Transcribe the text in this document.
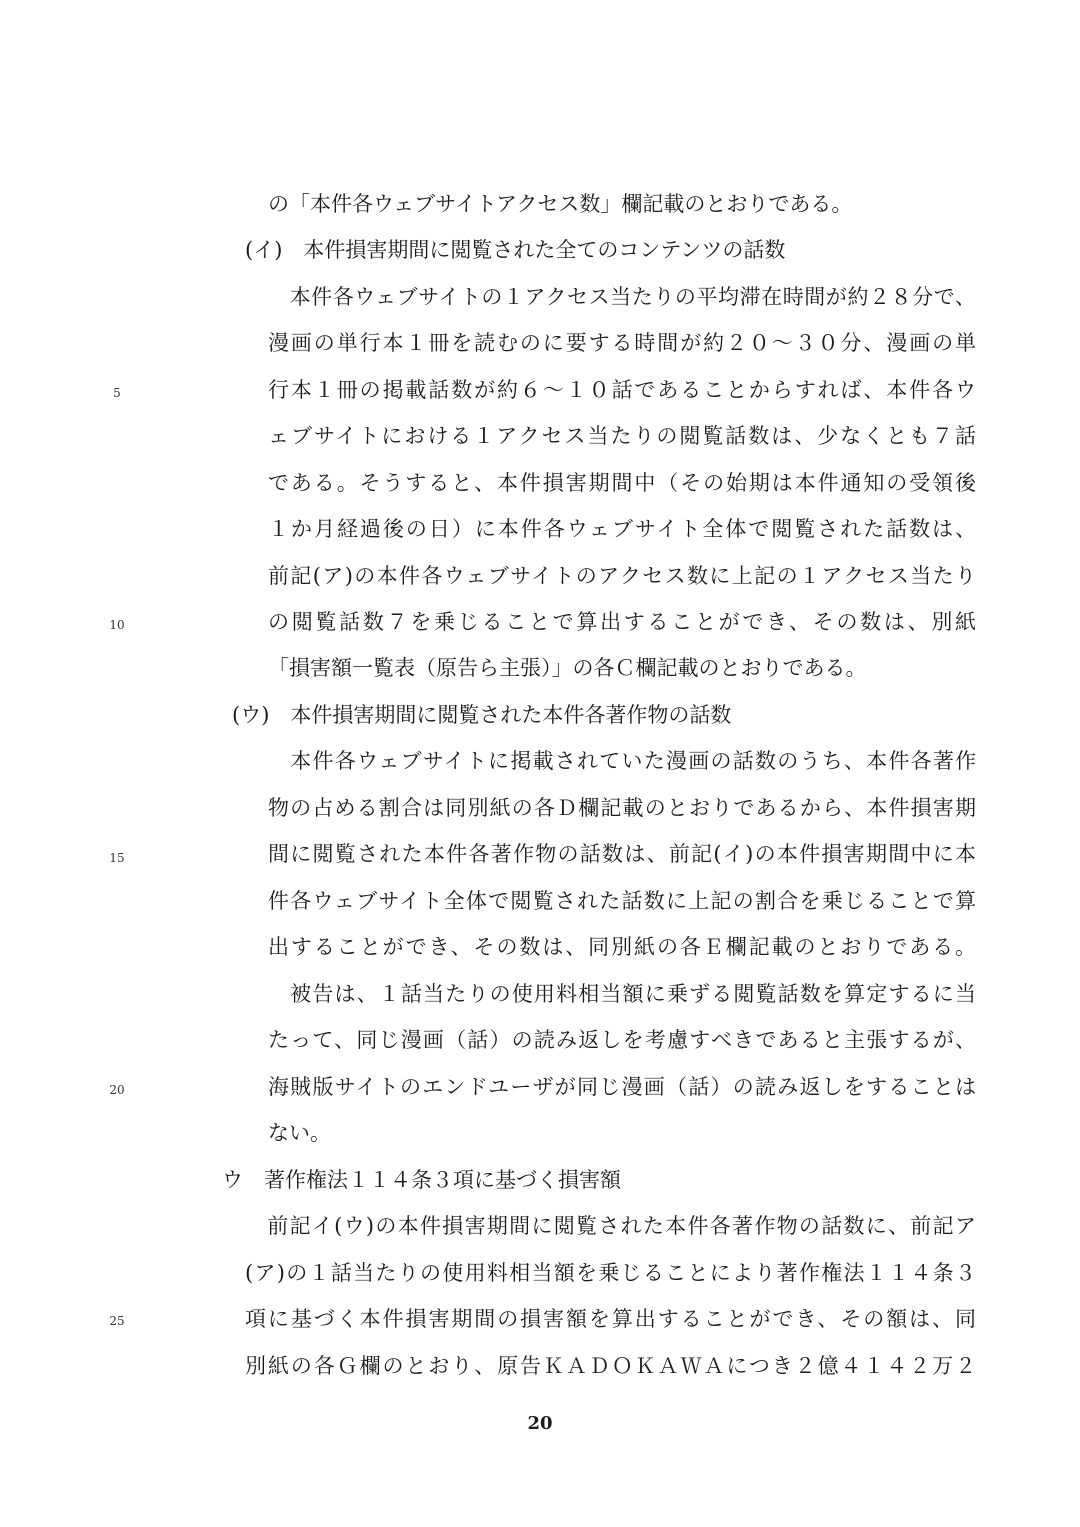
の「本件各ウェブサイトアクセス数」欄記載のとおりである。
(イ)　本件損害期間に閲覧された全てのコンテンツの話数
　本件各ウェブサイトの１アクセス当たりの平均滞在時間が約２８分で、
漫画の単行本１冊を読むのに要する時間が約２０～３０分、漫画の単
行本１冊の掲載話数が約６～１０話であることからすれば、本件各ウ
ェブサイトにおける１アクセス当たりの閲覧話数は、少なくとも７話
である。そうすると、本件損害期間中（その始期は本件通知の受領後
１か月経過後の日）に本件各ウェブサイト全体で閲覧された話数は、
前記(ア)の本件各ウェブサイトのアクセス数に上記の１アクセス当たり
の閲覧話数７を乗じることで算出することができ、その数は、別紙
「損害額一覧表（原告ら主張）」の各Ｃ欄記載のとおりである。
(ウ)　本件損害期間に閲覧された本件各著作物の話数
　本件各ウェブサイトに掲載されていた漫画の話数のうち、本件各著作
物の占める割合は同別紙の各Ｄ欄記載のとおりであるから、本件損害期
間に閲覧された本件各著作物の話数は、前記(イ)の本件損害期間中に本
件各ウェブサイト全体で閲覧された話数に上記の割合を乗じることで算
出することができ、その数は、同別紙の各Ｅ欄記載のとおりである。
　被告は、１話当たりの使用料相当額に乗ずる閲覧話数を算定するに当
たって、同じ漫画（話）の読み返しを考慮すべきであると主張するが、
海賊版サイトのエンドユーザが同じ漫画（話）の読み返しをすることは
ない。
ウ　著作権法１１４条３項に基づく損害額
　前記イ(ウ)の本件損害期間に閲覧された本件各著作物の話数に、前記ア
(ア)の１話当たりの使用料相当額を乗じることにより著作権法１１４条３
項に基づく本件損害期間の損害額を算出することができ、その額は、同
別紙の各Ｇ欄のとおり、原告ＫＡＤＯＫＡＷＡにつき２億４１４２万２
5
10
15
20
25
20
